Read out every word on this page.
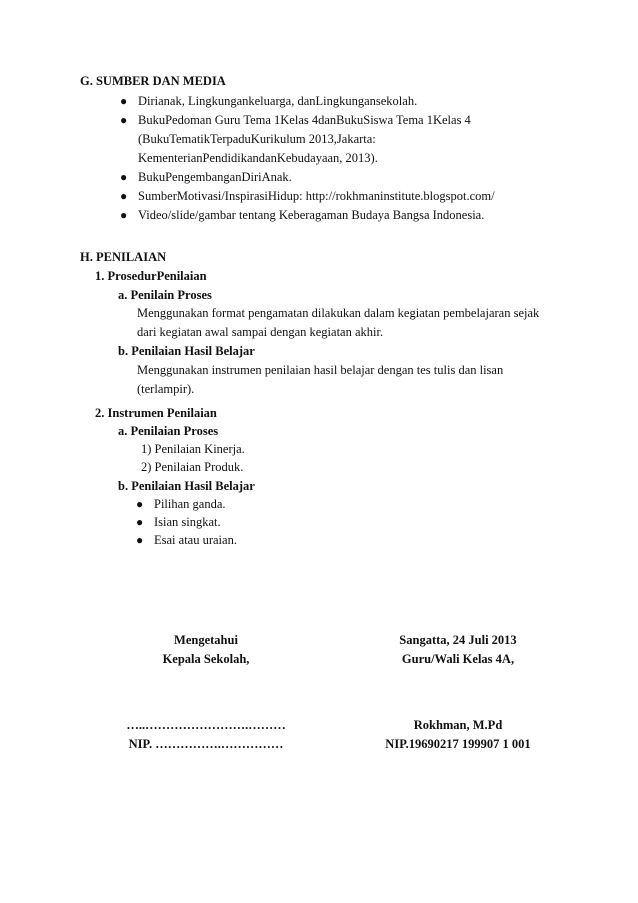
G. SUMBER DAN MEDIA
● Dirianak, Lingkungankeluarga, danLingkungansekolah.
● BukuPedoman Guru Tema 1Kelas 4danBukuSiswa Tema 1Kelas 4
(BukuTematikTerpaduKurikulum 2013,Jakarta:
KementerianPendidikandanKebudayaan, 2013).
● BukuPengembanganDiriAnak.
● SumberMotivasi/InspirasiHidup: http://rokhmaninstitute.blogspot.com/
● Video/slide/gambar tentang Keberagaman Budaya Bangsa Indonesia.
H. PENILAIAN
1. ProsedurPenilaian
a. Penilain Proses
Menggunakan format pengamatan dilakukan dalam kegiatan pembelajaran sejak
dari kegiatan awal sampai dengan kegiatan akhir.
b. Penilaian Hasil Belajar
Menggunakan instrumen penilaian hasil belajar dengan tes tulis dan lisan
(terlampir).
2. Instrumen Penilaian
a. Penilaian Proses
1) Penilaian Kinerja.
2) Penilaian Produk.
b. Penilaian Hasil Belajar
● Pilihan ganda.
● Isian singkat.
● Esai atau uraian.
Mengetahui
Kepala Sekolah,
…..…………………….………
NIP. …………….……………
Sangatta, 24 Juli 2013
Guru/Wali Kelas 4A,
Rokhman, M.Pd
NIP.19690217 199907 1 001
